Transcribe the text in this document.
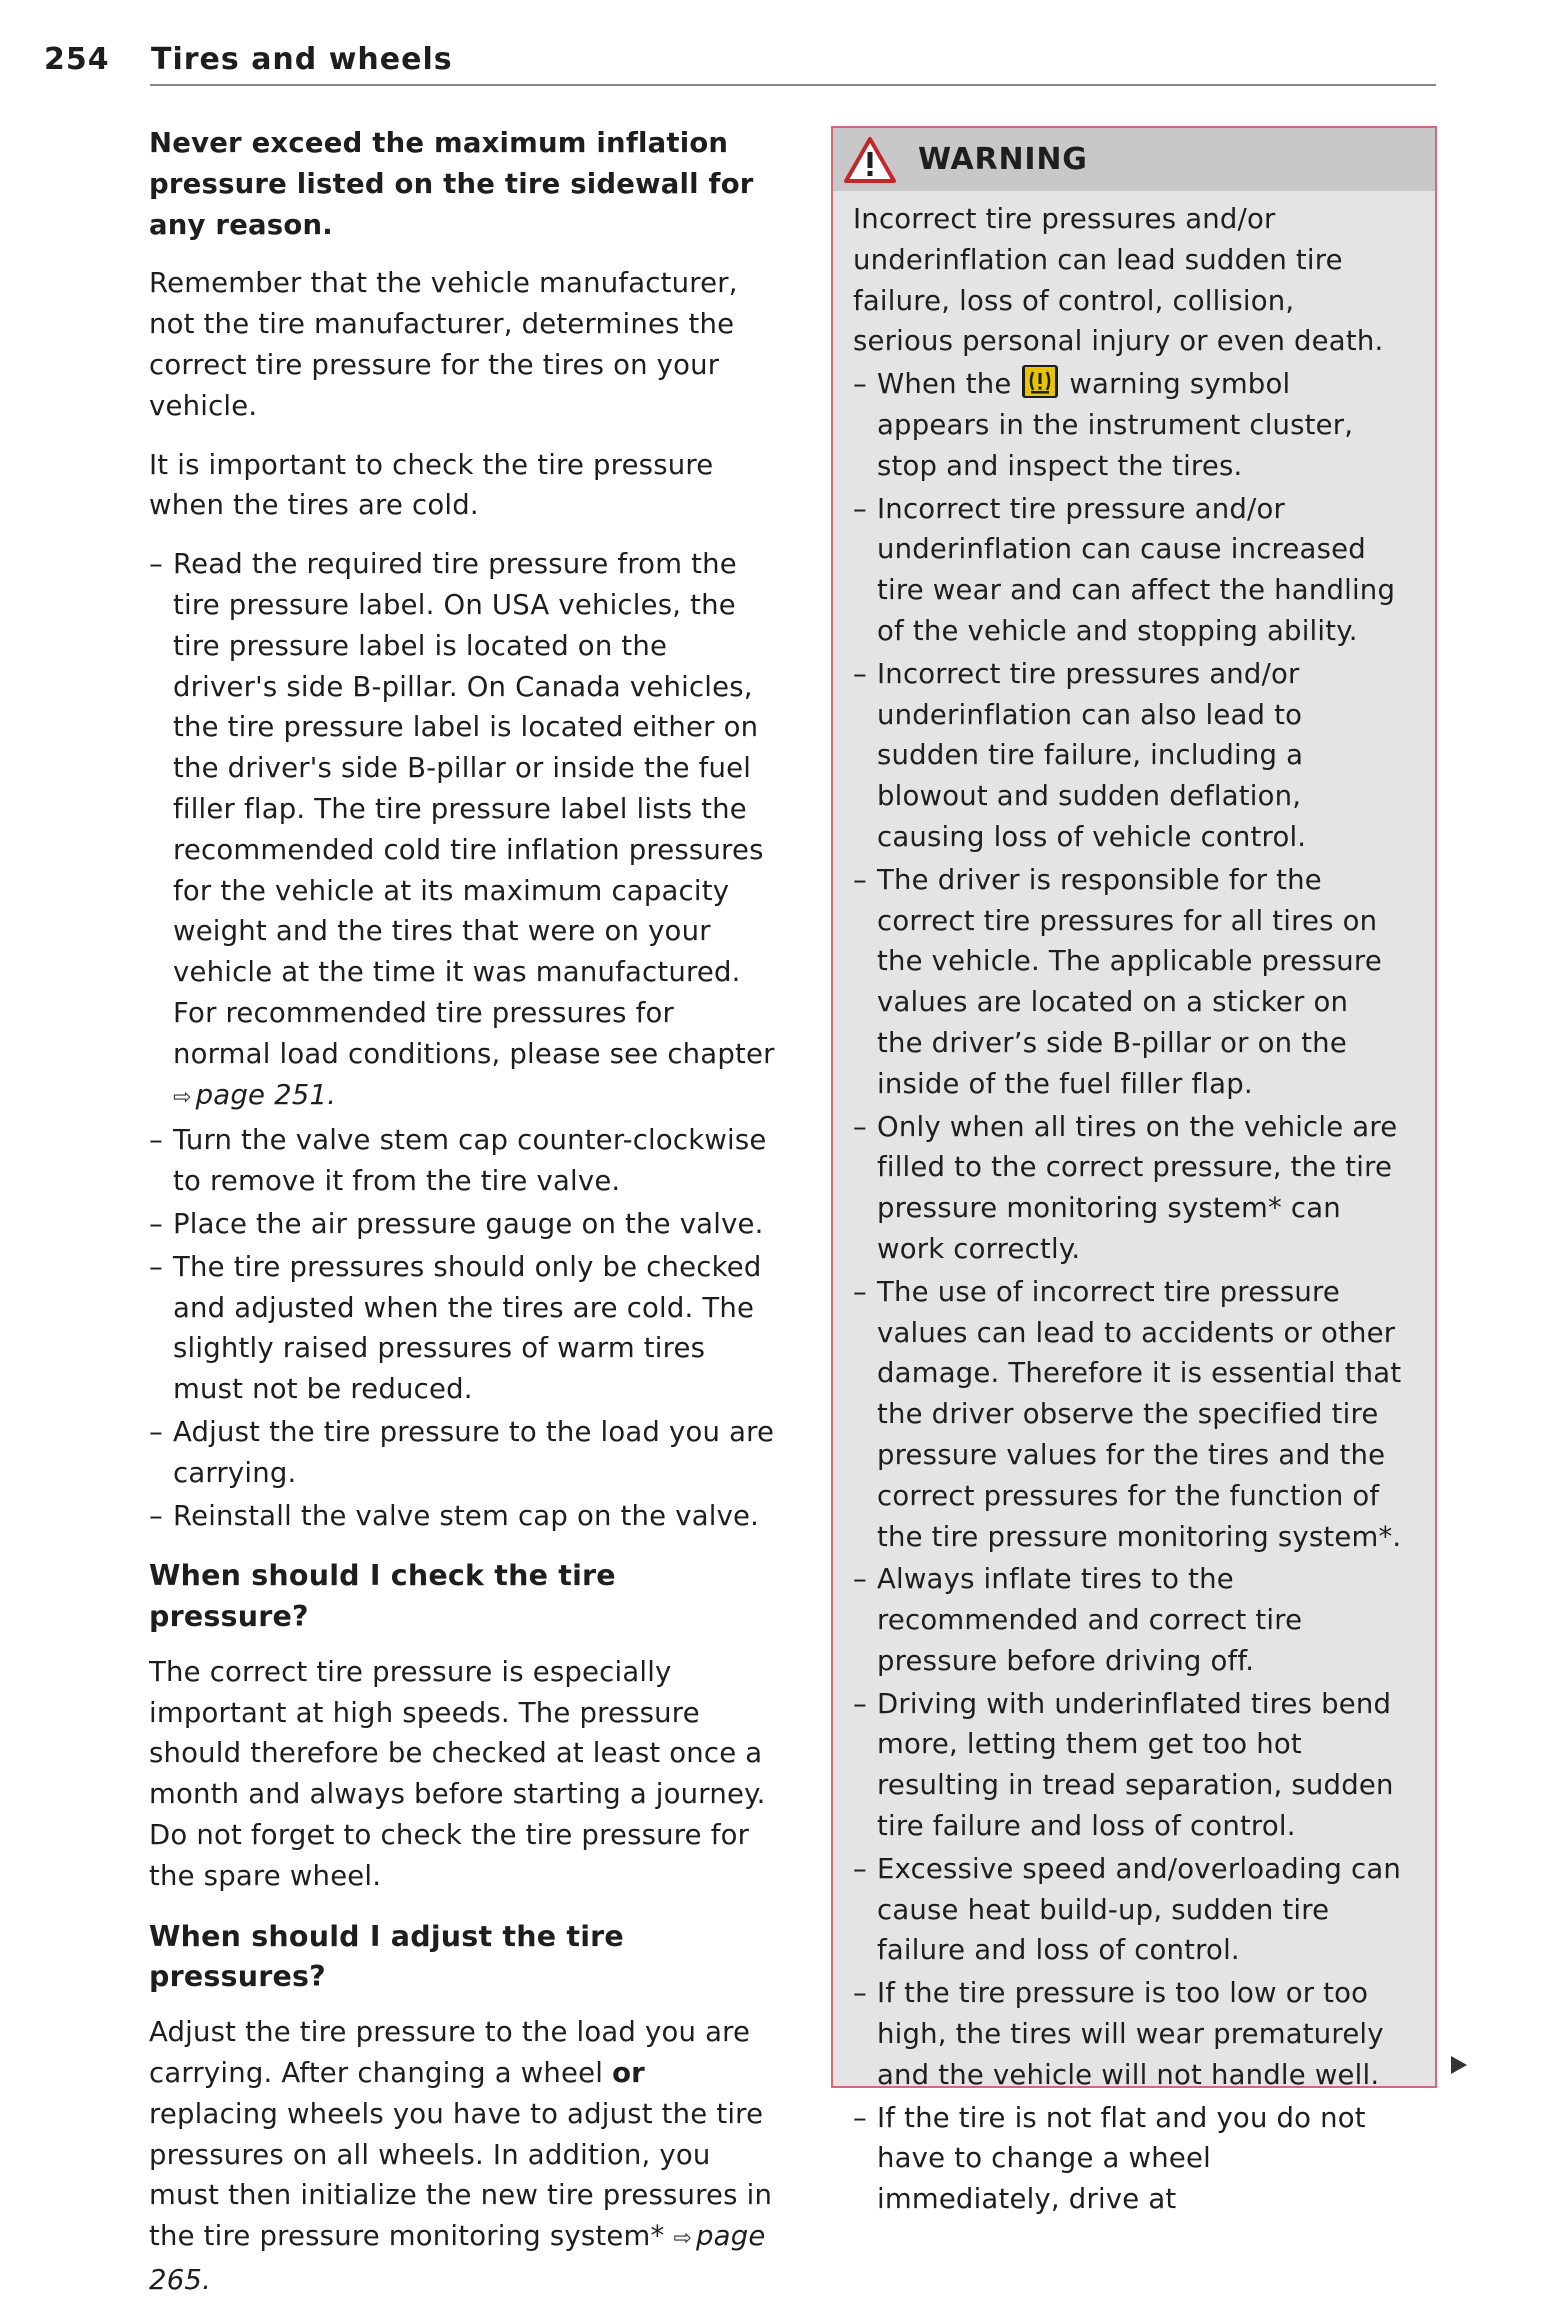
254 Tires and wheels

Never exceed the maximum inflation pressure listed on the tire sidewall for any reason.

Remember that the vehicle manufacturer, not the tire manufacturer, determines the correct tire pressure for the tires on your vehicle.

It is important to check the tire pressure when the tires are cold.

– Read the required tire pressure from the tire pressure label. On USA vehicles, the tire pressure label is located on the driver's side B-pillar. On Canada vehicles, the tire pressure label is located either on the driver's side B-pillar or inside the fuel filler flap. The tire pressure label lists the recommended cold tire inflation pressures for the vehicle at its maximum capacity weight and the tires that were on your vehicle at the time it was manufactured. For recommended tire pressures for normal load conditions, please see chapter ⇨ page 251.
– Turn the valve stem cap counter-clockwise to remove it from the tire valve.
– Place the air pressure gauge on the valve.
– The tire pressures should only be checked and adjusted when the tires are cold. The slightly raised pressures of warm tires must not be reduced.
– Adjust the tire pressure to the load you are carrying.
– Reinstall the valve stem cap on the valve.

When should I check the tire pressure?

The correct tire pressure is especially important at high speeds. The pressure should therefore be checked at least once a month and always before starting a journey. Do not forget to check the tire pressure for the spare wheel.

When should I adjust the tire pressures?

Adjust the tire pressure to the load you are carrying. After changing a wheel or replacing wheels you have to adjust the tire pressures on all wheels. In addition, you must then initialize the new tire pressures in the tire pressure monitoring system* ⇨ page 265.

WARNING

Incorrect tire pressures and/or underinflation can lead sudden tire failure, loss of control, collision, serious personal injury or even death.

– When the warning symbol appears in the instrument cluster, stop and inspect the tires.
– Incorrect tire pressure and/or underinflation can cause increased tire wear and can affect the handling of the vehicle and stopping ability.
– Incorrect tire pressures and/or underinflation can also lead to sudden tire failure, including a blowout and sudden deflation, causing loss of vehicle control.
– The driver is responsible for the correct tire pressures for all tires on the vehicle. The applicable pressure values are located on a sticker on the driver’s side B-pillar or on the inside of the fuel filler flap.
– Only when all tires on the vehicle are filled to the correct pressure, the tire pressure monitoring system* can work correctly.
– The use of incorrect tire pressure values can lead to accidents or other damage. Therefore it is essential that the driver observe the specified tire pressure values for the tires and the correct pressures for the function of the tire pressure monitoring system*.
– Always inflate tires to the recommended and correct tire pressure before driving off.
– Driving with underinflated tires bend more, letting them get too hot resulting in tread separation, sudden tire failure and loss of control.
– Excessive speed and/overloading can cause heat build-up, sudden tire failure and loss of control.
– If the tire pressure is too low or too high, the tires will wear prematurely and the vehicle will not handle well.
– If the tire is not flat and you do not have to change a wheel immediately, drive at
